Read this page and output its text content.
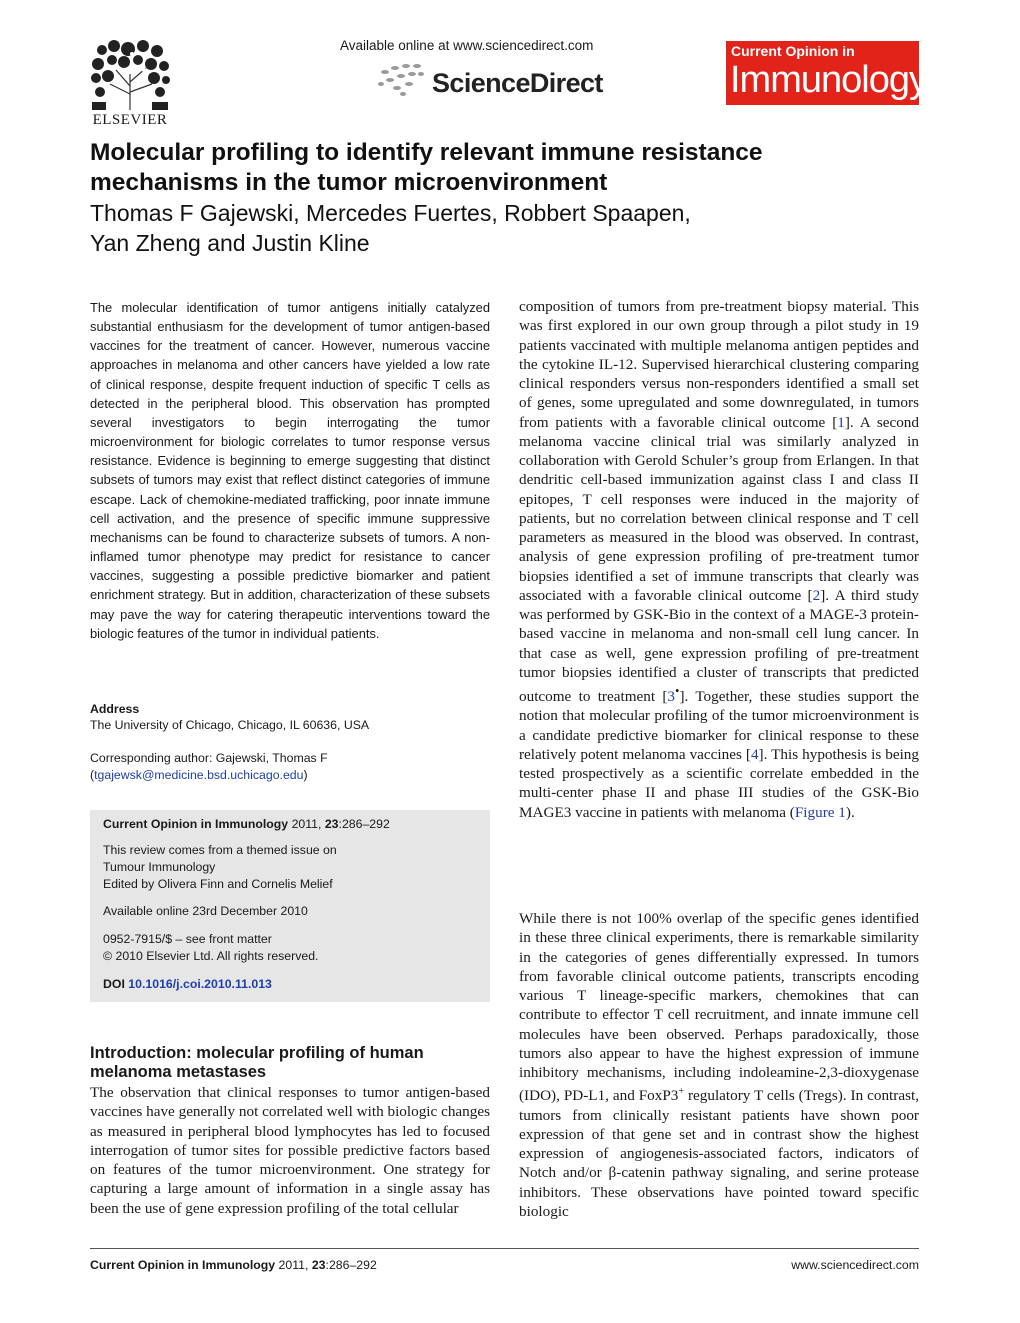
ELSEVIER
Available online at www.sciencedirect.com
ScienceDirect
Current Opinion in
Immunology
Molecular profiling to identify relevant immune resistance mechanisms in the tumor microenvironment
Thomas F Gajewski, Mercedes Fuertes, Robbert Spaapen,
Yan Zheng and Justin Kline
The molecular identification of tumor antigens initially catalyzed substantial enthusiasm for the development of tumor antigen-based vaccines for the treatment of cancer. However, numerous vaccine approaches in melanoma and other cancers have yielded a low rate of clinical response, despite frequent induction of specific T cells as detected in the peripheral blood. This observation has prompted several investigators to begin interrogating the tumor microenvironment for biologic correlates to tumor response versus resistance. Evidence is beginning to emerge suggesting that distinct subsets of tumors may exist that reflect distinct categories of immune escape. Lack of chemokine-mediated trafficking, poor innate immune cell activation, and the presence of specific immune suppressive mechanisms can be found to characterize subsets of tumors. A non-inflamed tumor phenotype may predict for resistance to cancer vaccines, suggesting a possible predictive biomarker and patient enrichment strategy. But in addition, characterization of these subsets may pave the way for catering therapeutic interventions toward the biologic features of the tumor in individual patients.
Address
The University of Chicago, Chicago, IL 60636, USA
Corresponding author: Gajewski, Thomas F
(tgajewsk@medicine.bsd.uchicago.edu)
Current Opinion in Immunology 2011, 23:286–292
This review comes from a themed issue on
Tumour Immunology
Edited by Olivera Finn and Cornelis Melief
Available online 23rd December 2010
0952-7915/$ – see front matter
© 2010 Elsevier Ltd. All rights reserved.
DOI 10.1016/j.coi.2010.11.013
Introduction: molecular profiling of human melanoma metastases
The observation that clinical responses to tumor antigen-based vaccines have generally not correlated well with biologic changes as measured in peripheral blood lymphocytes has led to focused interrogation of tumor sites for possible predictive factors based on features of the tumor microenvironment. One strategy for capturing a large amount of information in a single assay has been the use of gene expression profiling of the total cellular
composition of tumors from pre-treatment biopsy material. This was first explored in our own group through a pilot study in 19 patients vaccinated with multiple melanoma antigen peptides and the cytokine IL-12. Supervised hierarchical clustering comparing clinical responders versus non-responders identified a small set of genes, some upregulated and some downregulated, in tumors from patients with a favorable clinical outcome [1]. A second melanoma vaccine clinical trial was similarly analyzed in collaboration with Gerold Schuler’s group from Erlangen. In that dendritic cell-based immunization against class I and class II epitopes, T cell responses were induced in the majority of patients, but no correlation between clinical response and T cell parameters as measured in the blood was observed. In contrast, analysis of gene expression profiling of pre-treatment tumor biopsies identified a set of immune transcripts that clearly was associated with a favorable clinical outcome [2]. A third study was performed by GSK-Bio in the context of a MAGE-3 protein-based vaccine in melanoma and non-small cell lung cancer. In that case as well, gene expression profiling of pre-treatment tumor biopsies identified a cluster of transcripts that predicted outcome to treatment [3•]. Together, these studies support the notion that molecular profiling of the tumor microenvironment is a candidate predictive biomarker for clinical response to these relatively potent melanoma vaccines [4]. This hypothesis is being tested prospectively as a scientific correlate embedded in the multi-center phase II and phase III studies of the GSK-Bio MAGE3 vaccine in patients with melanoma (Figure 1).
While there is not 100% overlap of the specific genes identified in these three clinical experiments, there is remarkable similarity in the categories of genes differentially expressed. In tumors from favorable clinical outcome patients, transcripts encoding various T lineage-specific markers, chemokines that can contribute to effector T cell recruitment, and innate immune cell molecules have been observed. Perhaps paradoxically, those tumors also appear to have the highest expression of immune inhibitory mechanisms, including indoleamine-2,3-dioxygenase (IDO), PD-L1, and FoxP3+ regulatory T cells (Tregs). In contrast, tumors from clinically resistant patients have shown poor expression of that gene set and in contrast show the highest expression of angiogenesis-associated factors, indicators of Notch and/or β-catenin pathway signaling, and serine protease inhibitors. These observations have pointed toward specific biologic
Current Opinion in Immunology 2011, 23:286–292	www.sciencedirect.com
